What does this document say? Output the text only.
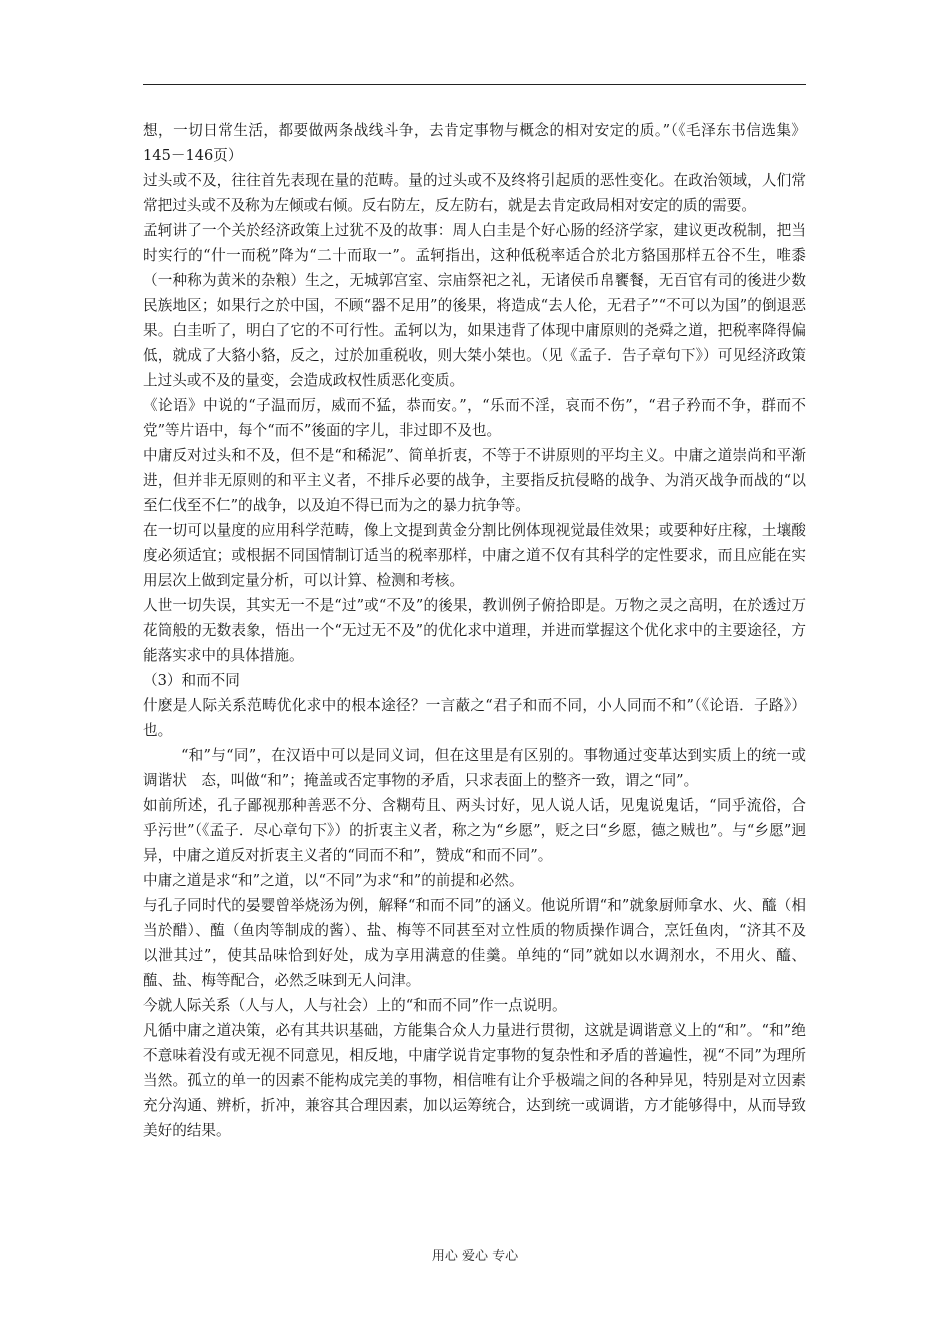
想，一切日常生活，都要做两条战线斗争，去肯定事物与概念的相对安定的质。”（《毛泽东书信选集》145－146页）

过头或不及，往往首先表现在量的范畴。量的过头或不及终将引起质的恶性变化。在政治领域，人们常常把过头或不及称为左倾或右倾。反右防左，反左防右，就是去肯定政局相对安定的质的需要。

孟轲讲了一个关於经济政策上过犹不及的故事：周人白圭是个好心肠的经济学家，建议更改税制，把当时实行的“什一而税”降为“二十而取一”。孟轲指出，这种低税率适合於北方貉国那样五谷不生，唯黍（一种称为黄米的杂粮）生之，无城郭宫室、宗庙祭祀之礼，无诸侯币帛饔餐，无百官有司的後进少数民族地区；如果行之於中国，不顾“器不足用”的後果，将造成“去人伦，无君子”“不可以为国”的倒退恶果。白圭听了，明白了它的不可行性。孟轲以为，如果违背了体现中庸原则的尧舜之道，把税率降得偏低，就成了大貉小貉，反之，过於加重税收，则大桀小桀也。（见《孟子．告子章句下》）可见经济政策上过头或不及的量变，会造成政权性质恶化变质。

《论语》中说的“子温而厉，威而不猛，恭而安。”，“乐而不淫，哀而不伤”，“君子矜而不争，群而不党”等片语中，每个“而不”後面的字儿，非过即不及也。

中庸反对过头和不及，但不是“和稀泥”、简单折衷，不等于不讲原则的平均主义。中庸之道崇尚和平渐进，但并非无原则的和平主义者，不排斥必要的战争，主要指反抗侵略的战争、为消灭战争而战的“以至仁伐至不仁”的战争，以及迫不得已而为之的暴力抗争等。

在一切可以量度的应用科学范畴，像上文提到黄金分割比例体现视觉最佳效果；或要种好庄稼，土壤酸度必须适宜；或根据不同国情制订适当的税率那样，中庸之道不仅有其科学的定性要求，而且应能在实用层次上做到定量分析，可以计算、检测和考核。

人世一切失误，其实无一不是“过”或“不及”的後果，教训例子俯拾即是。万物之灵之高明，在於透过万花筒般的无数表象，悟出一个“无过无不及”的优化求中道理，并进而掌握这个优化求中的主要途径，方能落实求中的具体措施。

（3）和而不同

什麽是人际关系范畴优化求中的根本途径？一言蔽之“君子和而不同，小人同而不和”（《论语．子路》）也。

“和”与“同”，在汉语中可以是同义词，但在这里是有区别的。事物通过变革达到实质上的统一或调谐状　态，叫做“和”；掩盖或否定事物的矛盾，只求表面上的整齐一致，谓之“同”。

如前所述，孔子鄙视那种善恶不分、含糊苟且、两头讨好，见人说人话，见鬼说鬼话，“同乎流俗，合乎污世”（《孟子．尽心章句下》）的折衷主义者，称之为“乡愿”，贬之曰“乡愿，德之贼也”。与“乡愿”迥异，中庸之道反对折衷主义者的“同而不和”，赞成“和而不同”。

中庸之道是求“和”之道，以“不同”为求“和”的前提和必然。

与孔子同时代的晏婴曾举烧汤为例，解释“和而不同”的涵义。他说所谓“和”就象厨师拿水、火、醯（相当於醋）、醢（鱼肉等制成的酱）、盐、梅等不同甚至对立性质的物质操作调合，烹饪鱼肉，“济其不及以泄其过”，使其品味恰到好处，成为享用满意的佳羹。单纯的“同”就如以水调剂水，不用火、醯、醢、盐、梅等配合，必然乏味到无人问津。

今就人际关系（人与人，人与社会）上的“和而不同”作一点说明。

凡循中庸之道决策，必有其共识基础，方能集合众人力量进行贯彻，这就是调谐意义上的“和”。“和”绝不意味着没有或无视不同意见，相反地，中庸学说肯定事物的复杂性和矛盾的普遍性，视“不同”为理所当然。孤立的单一的因素不能构成完美的事物，相信唯有让介乎极端之间的各种异见，特别是对立因素充分沟通、辨析，折冲，兼容其合理因素，加以运筹统合，达到统一或调谐，方才能够得中，从而导致美好的结果。

用心 爱心 专心
